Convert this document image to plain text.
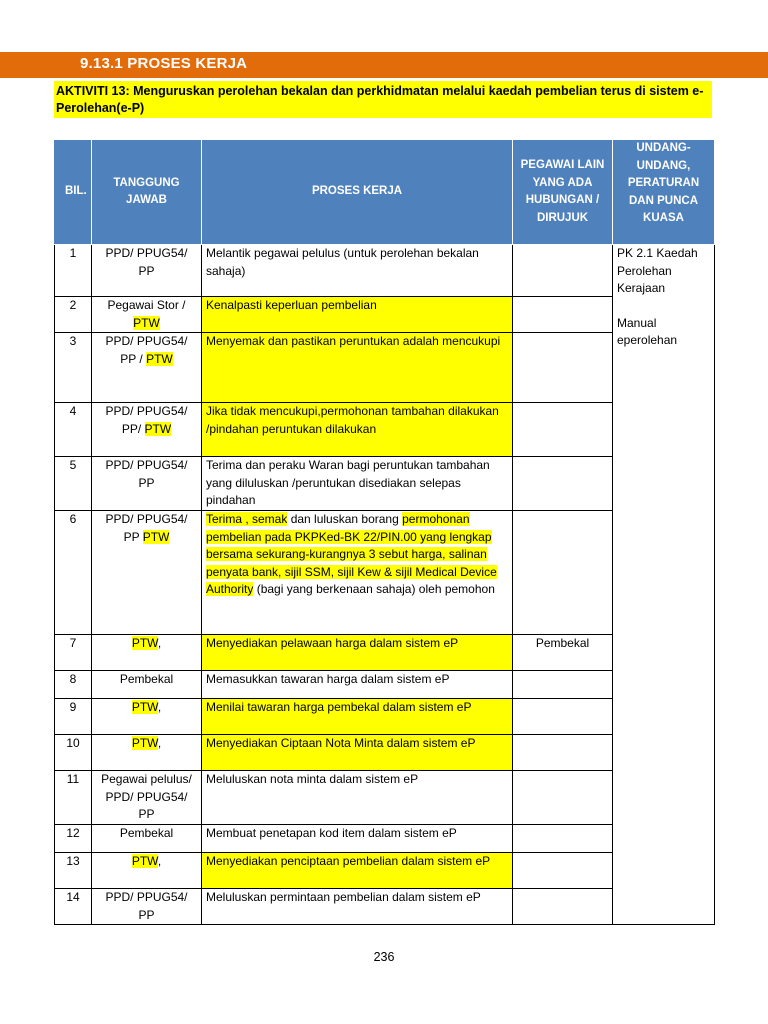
9.13.1 PROSES KERJA
AKTIVITI 13: Menguruskan perolehan bekalan dan perkhidmatan melalui kaedah pembelian terus di sistem e-Perolehan(e-P)
BIL.	TANGGUNG JAWAB	PROSES KERJA	PEGAWAI LAIN YANG ADA HUBUNGAN / DIRUJUK	UNDANG-UNDANG, PERATURAN DAN PUNCA KUASA
1	PPD/ PPUG54/ PP	Melantik pegawai pelulus (untuk perolehan bekalan sahaja)		PK 2.1 Kaedah Perolehan Kerajaan
Manual eperolehan

2	Pegawai Stor / PTW	Kenalpasti keperluan pembelian		
3	PPD/ PPUG54/ PP / PTW	Menyemak dan pastikan peruntukan adalah mencukupi		
4	PPD/ PPUG54/ PP/ PTW	Jika tidak mencukupi,permohonan tambahan dilakukan /pindahan peruntukan dilakukan		
5	PPD/ PPUG54/ PP	Terima dan peraku Waran bagi peruntukan tambahan yang diluluskan /peruntukan disediakan selepas pindahan		
6	PPD/ PPUG54/ PP PTW	Terima , semak dan luluskan borang permohonan pembelian pada PKPKed-BK 22/PIN.00 yang lengkap bersama sekurang-kurangnya 3 sebut harga, salinan penyata bank, sijil SSM, sijil Kew & sijil Medical Device Authority (bagi yang berkenaan sahaja) oleh pemohon		
7	PTW,	Menyediakan pelawaan harga dalam sistem eP	Pembekal	
8	Pembekal	Memasukkan tawaran harga dalam sistem eP		
9	PTW,	Menilai tawaran harga pembekal dalam sistem eP		
10	PTW,	Menyediakan Ciptaan Nota Minta dalam sistem eP		
11	Pegawai pelulus/ PPD/ PPUG54/ PP	Meluluskan nota minta dalam sistem eP		
12	Pembekal	Membuat penetapan kod item dalam sistem eP		
13	PTW,	Menyediakan penciptaan pembelian dalam sistem eP		
14	PPD/ PPUG54/ PP	Meluluskan permintaan pembelian dalam sistem eP		
236
